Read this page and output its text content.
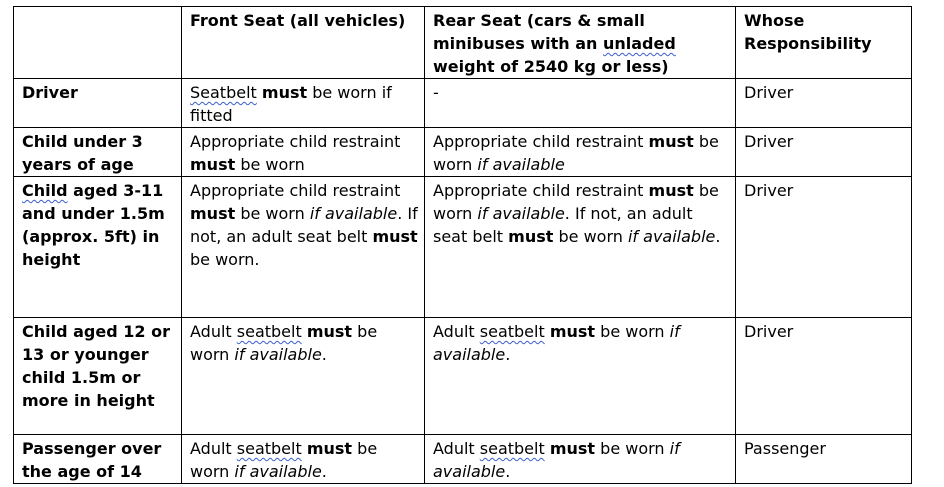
	Front Seat (all vehicles)	Rear Seat (cars & small minibuses with an unladed weight of 2540 kg or less)	Whose Responsibility
Driver	Seatbelt must be worn if fitted	-	Driver
Child under 3 years of age	Appropriate child restraint must be worn	Appropriate child restraint must be worn if available	Driver
Child aged 3-11 and under 1.5m (approx. 5ft) in height	Appropriate child restraint must be worn if available. If not, an adult seat belt must be worn.	Appropriate child restraint must be worn if available. If not, an adult seat belt must be worn if available.	Driver
Child aged 12 or 13 or younger child 1.5m or more in height	Adult seatbelt must be worn if available.	Adult seatbelt must be worn if available.	Driver
Passenger over the age of 14	Adult seatbelt must be worn if available.	Adult seatbelt must be worn if available.	Passenger
